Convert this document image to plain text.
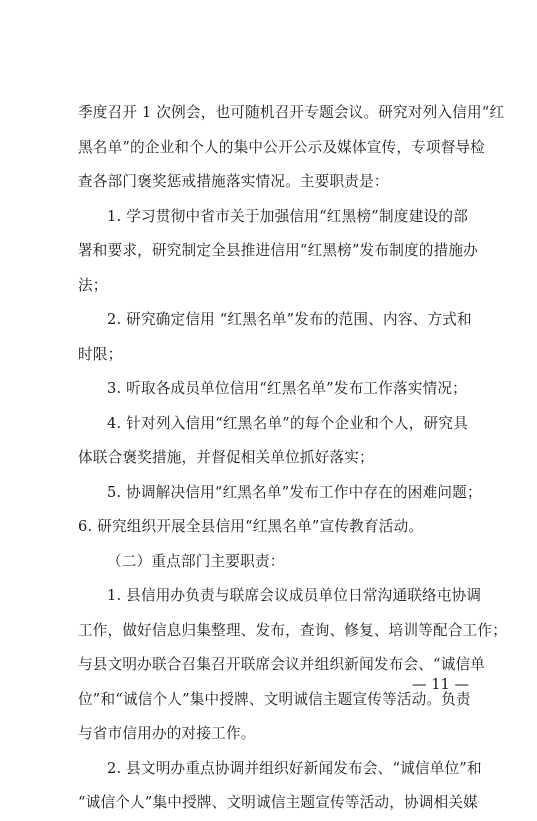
季度召开 1 次例会，也可随机召开专题会议。研究对列入信用“红
黑名单”的企业和个人的集中公开公示及媒体宣传，专项督导检
查各部门褒奖惩戒措施落实情况。主要职责是：
1. 学习贯彻中省市关于加强信用“红黑榜”制度建设的部
署和要求，研究制定全县推进信用“红黑榜”发布制度的措施办
法；
2. 研究确定信用 “红黑名单”发布的范围、内容、方式和
时限；
3. 听取各成员单位信用“红黑名单”发布工作落实情况；
4. 针对列入信用“红黑名单”的每个企业和个人，研究具
体联合褒奖措施，并督促相关单位抓好落实；
5. 协调解决信用“红黑名单”发布工作中存在的困难问题；
6. 研究组织开展全县信用“红黑名单”宣传教育活动。
（二）重点部门主要职责：
1. 县信用办负责与联席会议成员单位日常沟通联络屯协调
工作，做好信息归集整理、发布，查询、修复、培训等配合工作；
与县文明办联合召集召开联席会议并组织新闻发布会、“诚信单
位”和“诚信个人”集中授牌、文明诚信主题宣传等活动。负责
与省市信用办的对接工作。
2. 县文明办重点协调并组织好新闻发布会、“诚信单位”和
“诚信个人”集中授牌、文明诚信主题宣传等活动，协调相关媒
— 11 —
